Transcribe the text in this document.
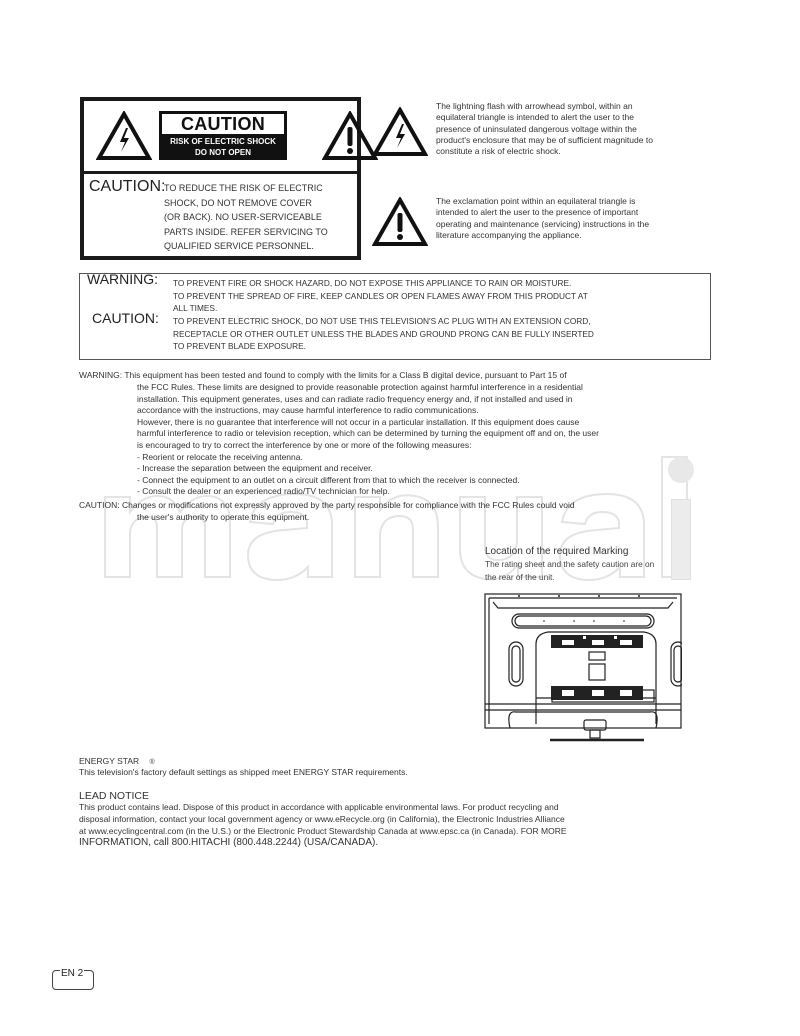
CAUTION
RISK OF ELECTRIC SHOCK
DO NOT OPEN
CAUTION:
TO REDUCE THE RISK OF ELECTRIC
SHOCK, DO NOT REMOVE COVER
(OR BACK). NO USER-SERVICEABLE
PARTS INSIDE. REFER SERVICING TO
QUALIFIED SERVICE PERSONNEL.
The lightning flash with arrowhead symbol, within an
equilateral triangle is intended to alert the user to the
presence of uninsulated dangerous voltage within the
product's enclosure that may be of sufficient magnitude to
constitute a risk of electric shock.
The exclamation point within an equilateral triangle is
intended to alert the user to the presence of important
operating and maintenance (servicing) instructions in the
literature accompanying the appliance.
WARNING: TO PREVENT FIRE OR SHOCK HAZARD, DO NOT EXPOSE THIS APPLIANCE TO RAIN OR MOISTURE.
TO PREVENT THE SPREAD OF FIRE, KEEP CANDLES OR OPEN FLAMES AWAY FROM THIS PRODUCT AT
ALL TIMES.
CAUTION: TO PREVENT ELECTRIC SHOCK, DO NOT USE THIS TELEVISION'S AC PLUG WITH AN EXTENSION CORD,
RECEPTACLE OR OTHER OUTLET UNLESS THE BLADES AND GROUND PRONG CAN BE FULLY INSERTED
TO PREVENT BLADE EXPOSURE.
WARNING: This equipment has been tested and found to comply with the limits for a Class B digital device, pursuant to Part 15 of
the FCC Rules. These limits are designed to provide reasonable protection against harmful interference in a residential
installation. This equipment generates, uses and can radiate radio frequency energy and, if not installed and used in
accordance with the instructions, may cause harmful interference to radio communications.
However, there is no guarantee that interference will not occur in a particular installation. If this equipment does cause
harmful interference to radio or television reception, which can be determined by turning the equipment off and on, the user
is encouraged to try to correct the interference by one or more of the following measures:
- Reorient or relocate the receiving antenna.
- Increase the separation between the equipment and receiver.
- Connect the equipment to an outlet on a circuit different from that to which the receiver is connected.
- Consult the dealer or an experienced radio/TV technician for help.
CAUTION: Changes or modifications not expressly approved by the party responsible for compliance with the FCC Rules could void
the user's authority to operate this equipment.
Location of the required Marking
The rating sheet and the safety caution are on
the rear of the unit.
ENERGY STAR ®
This television's factory default settings as shipped meet ENERGY STAR requirements.
LEAD NOTICE
This product contains lead. Dispose of this product in accordance with applicable environmental laws. For product recycling and
disposal information, contact your local government agency or www.eRecycle.org (in California), the Electronic Industries Alliance
at www.ecyclingcentral.com (in the U.S.) or the Electronic Product Stewardship Canada at www.epsc.ca (in Canada). FOR MORE
INFORMATION, call 800.HITACHI (800.448.2244) (USA/CANADA).
EN 2
